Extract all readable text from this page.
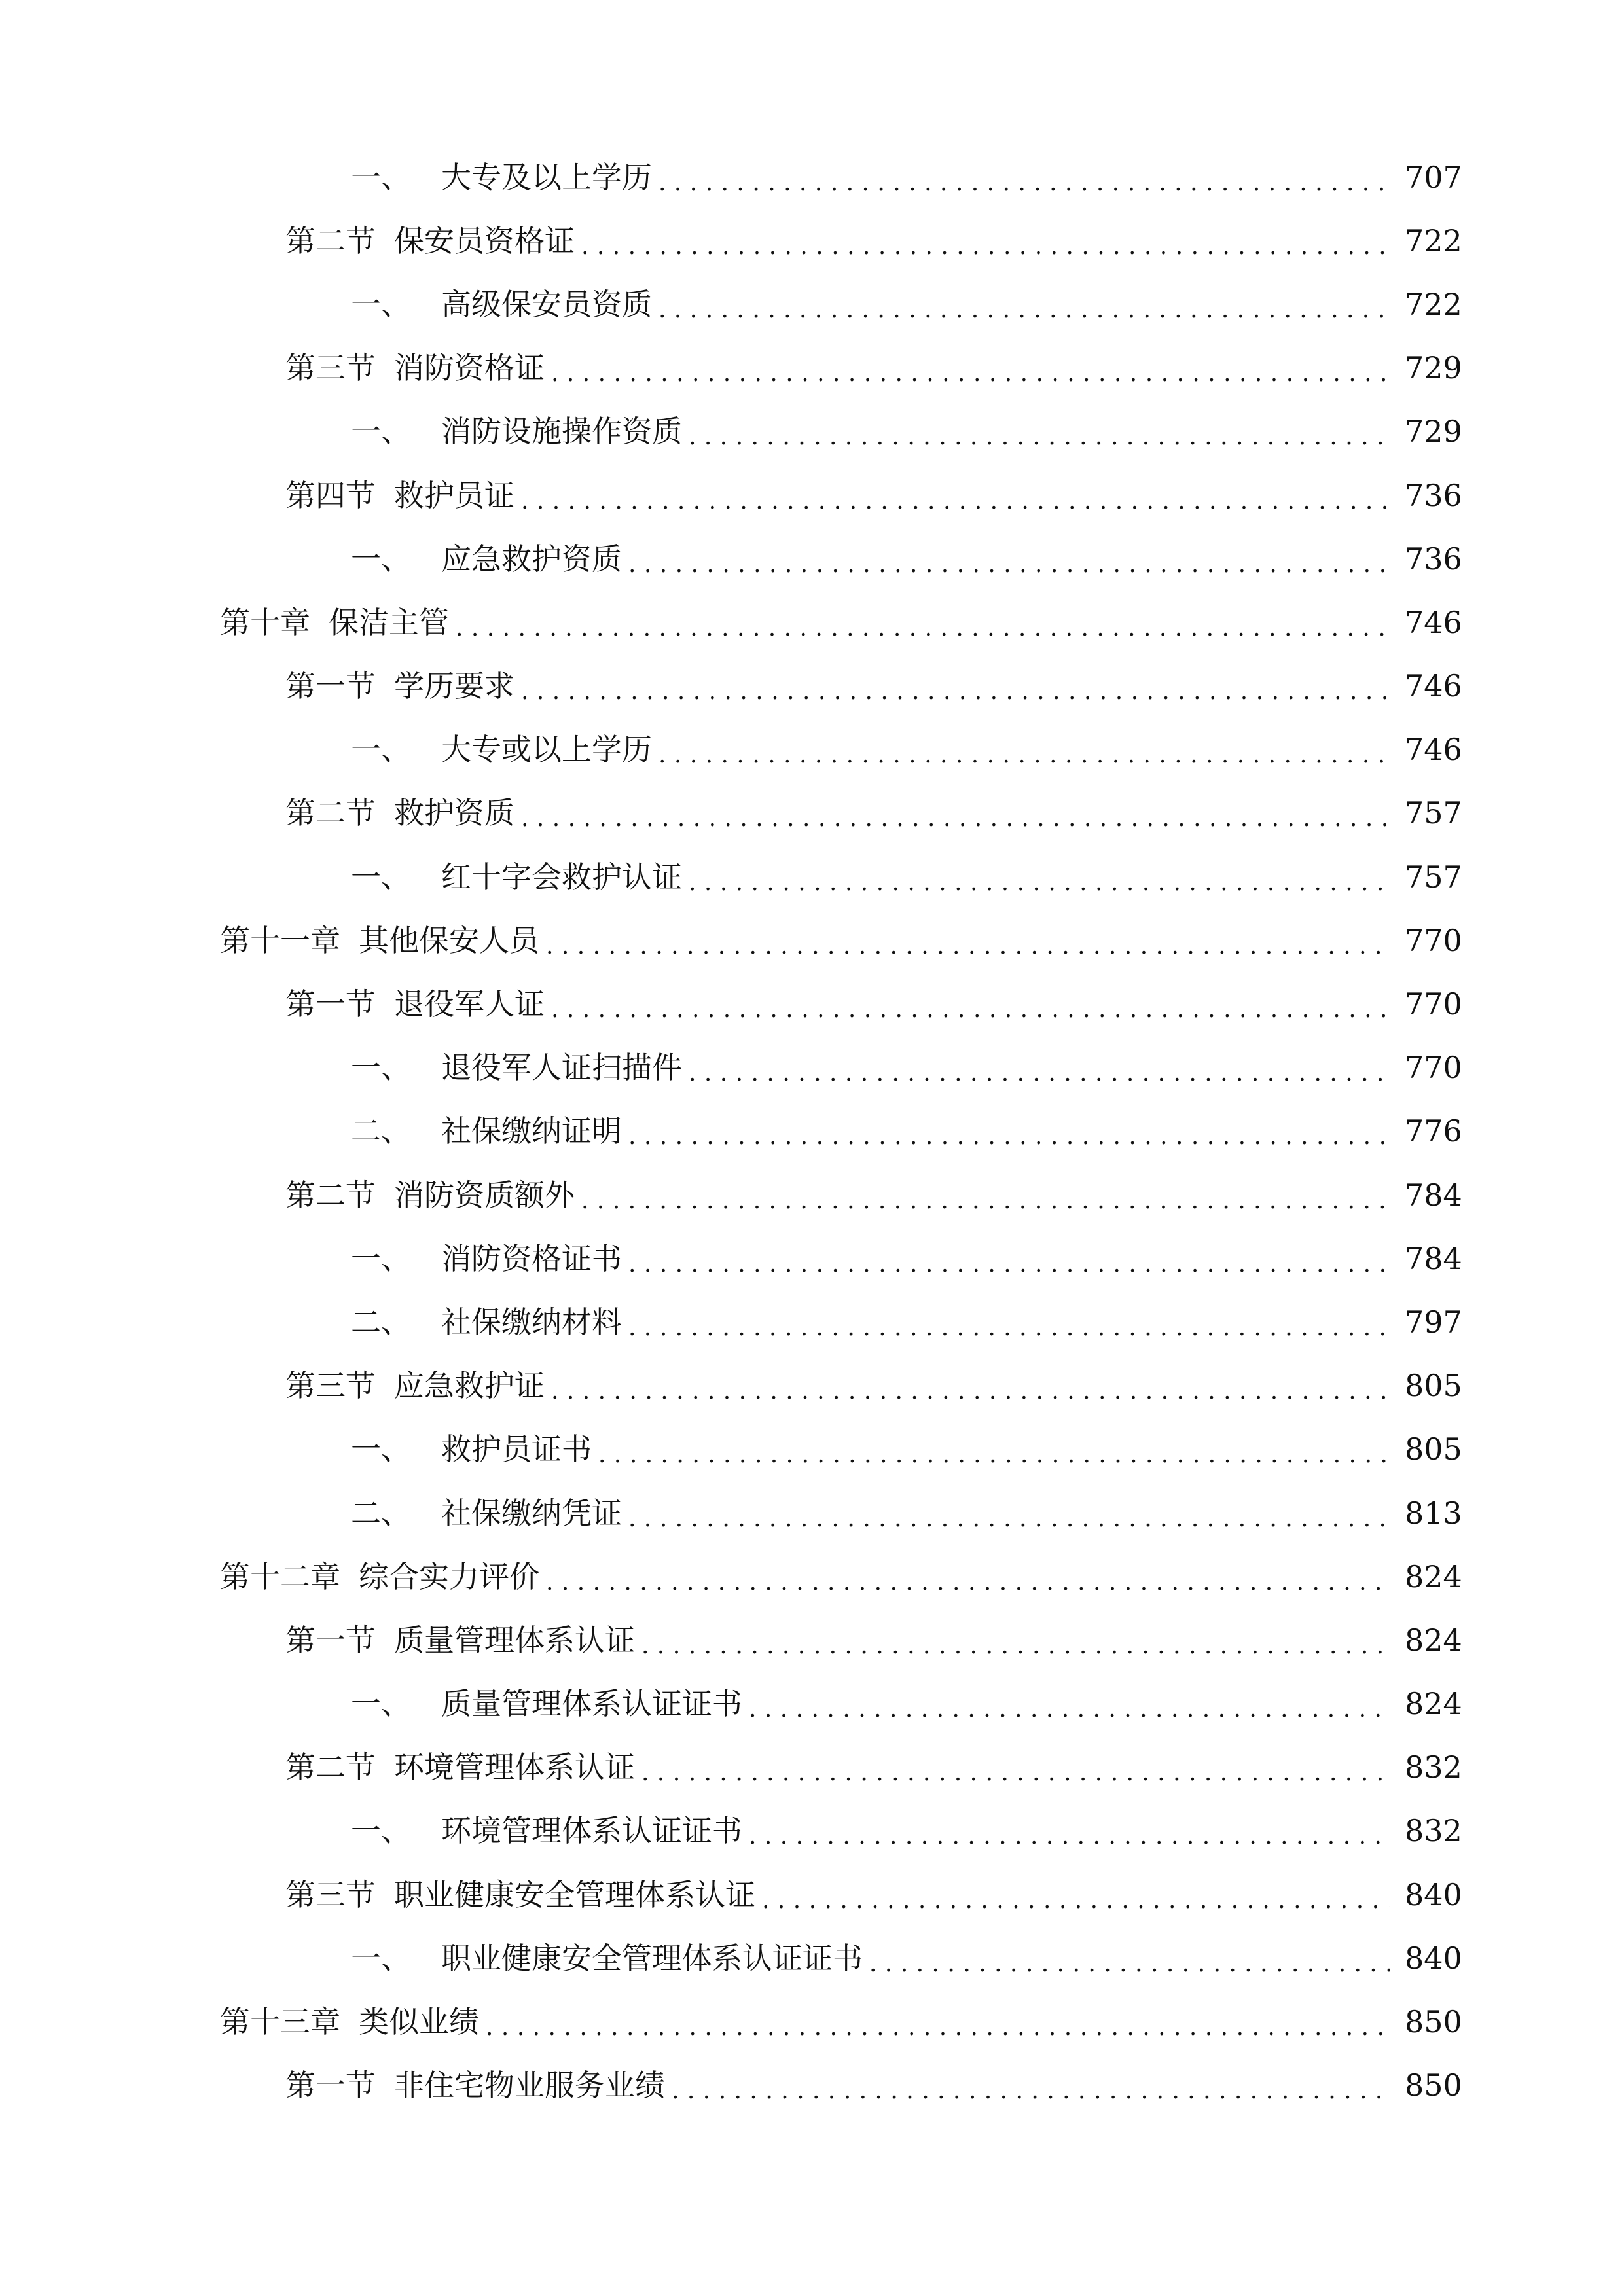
一、 大专及以上学历 . . .	707
第二节 保安员资格证 . . .	722
一、 高级保安员资质 . . .	722
第三节 消防资格证 . . .	729
一、 消防设施操作资质 . . .	729
第四节 救护员证 . . .	736
一、 应急救护资质 . . .	736
第十章 保洁主管 . . .	746
第一节 学历要求 . . .	746
一、 大专或以上学历 . . .	746
第二节 救护资质 . . .	757
一、 红十字会救护认证 . . .	757
第十一章 其他保安人员 . . .	770
第一节 退役军人证 . . .	770
一、 退役军人证扫描件 . . .	770
二、 社保缴纳证明 . . .	776
第二节 消防资质额外 . . .	784
一、 消防资格证书 . . .	784
二、 社保缴纳材料 . . .	797
第三节 应急救护证 . . .	805
一、 救护员证书 . . .	805
二、 社保缴纳凭证 . . .	813
第十二章 综合实力评价 . . .	824
第一节 质量管理体系认证 . . .	824
一、 质量管理体系认证证书 . . .	824
第二节 环境管理体系认证 . . .	832
一、 环境管理体系认证证书 . . .	832
第三节 职业健康安全管理体系认证 . . .	840
一、 职业健康安全管理体系认证证书 . . .	840
第十三章 类似业绩 . . .	850
第一节 非住宅物业服务业绩 . . .	850
